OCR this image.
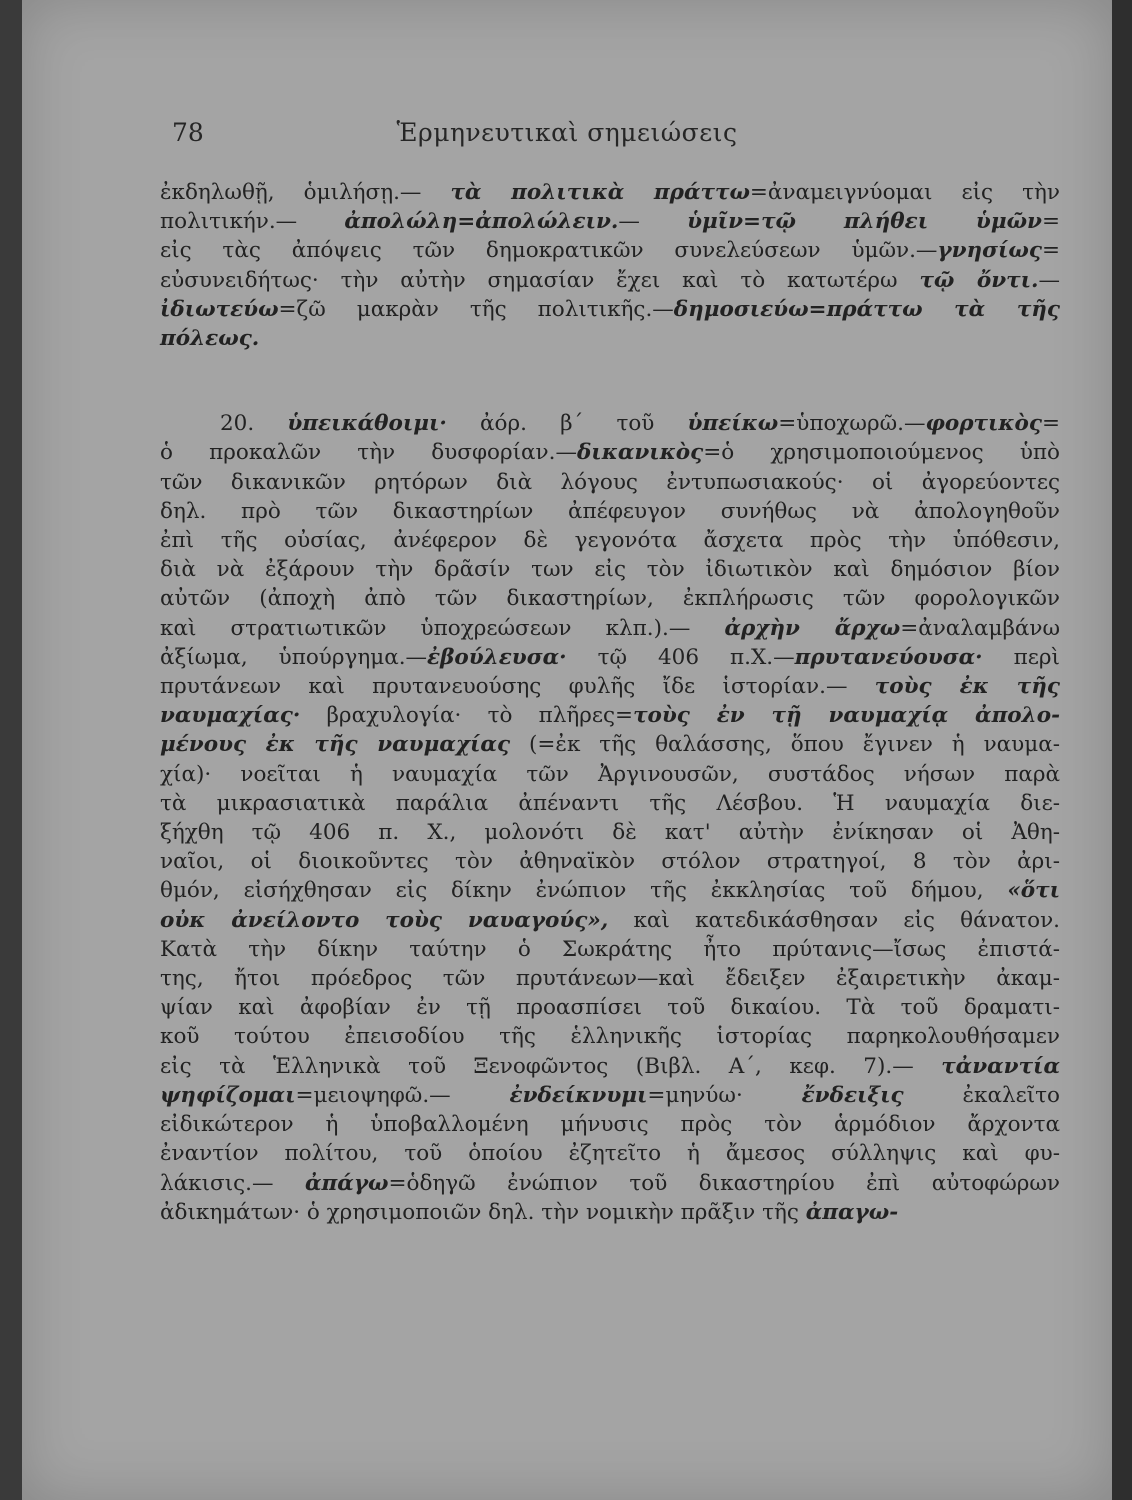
78	Ἑρμηνευτικαὶ σημειώσεις

ἐκδηλωθῇ, ὁμιλήσῃ.— τὰ πολιτικὰ πράττω=ἀναμειγνύομαι εἰς τὴν

πολιτικήν.— ἀπολώλη=ἀπολώλειν.— ὑμῖν=τῷ πλήθει ὑμῶν=

εἰς τὰς ἀπόψεις τῶν δημοκρατικῶν συνελεύσεων ὑμῶν.—γνησίως=

εὐσυνειδήτως· τὴν αὐτὴν σημασίαν ἔχει καὶ τὸ κατωτέρω τῷ ὄντι.—

ἰδιωτεύω=ζῶ μακρὰν τῆς πολιτικῆς.—δημοσιεύω=πράττω τὰ τῆς

πόλεως.

20. ὑπεικάθοιμι· ἀόρ. β΄ τοῦ ὑπείκω=ὑποχωρῶ.—φορτικὸς=

ὁ προκαλῶν τὴν δυσφορίαν.—δικανικὸς=ὁ χρησιμοποιούμενος ὑπὸ

τῶν δικανικῶν ρητόρων διὰ λόγους ἐντυπωσιακούς· οἱ ἀγορεύοντες

δηλ. πρὸ τῶν δικαστηρίων ἀπέφευγον συνήθως νὰ ἀπολογηθοῦν

ἐπὶ τῆς οὐσίας, ἀνέφερον δὲ γεγονότα ἄσχετα πρὸς τὴν ὑπόθεσιν,

διὰ νὰ ἐξάρουν τὴν δρᾶσίν των εἰς τὸν ἰδιωτικὸν καὶ δημόσιον βίον

αὐτῶν (ἀποχὴ ἀπὸ τῶν δικαστηρίων, ἐκπλήρωσις τῶν φορολογικῶν

καὶ στρατιωτικῶν ὑποχρεώσεων κλπ.).— ἀρχὴν ἄρχω=ἀναλαμβάνω

ἀξίωμα, ὑπούργημα.—ἐβούλευσα· τῷ 406 π.Χ.—πρυτανεύουσα· περὶ

πρυτάνεων καὶ πρυτανευούσης φυλῆς ἴδε ἱστορίαν.— τοὺς ἐκ τῆς

ναυμαχίας· βραχυλογία· τὸ πλῆρες=τοὺς ἐν τῇ ναυμαχίᾳ ἀπολο-

μένους ἐκ τῆς ναυμαχίας (=ἐκ τῆς θαλάσσης, ὅπου ἔγινεν ἡ ναυμα-

χία)· νοεῖται ἡ ναυμαχία τῶν Ἀργινουσῶν, συστάδος νήσων παρὰ

τὰ μικρασιατικὰ παράλια ἀπέναντι τῆς Λέσβου. Ἡ ναυμαχία διε-

ξήχθη τῷ 406 π. Χ., μολονότι δὲ κατ' αὐτὴν ἐνίκησαν οἱ Ἀθη-

ναῖοι, οἱ διοικοῦντες τὸν ἀθηναϊκὸν στόλον στρατηγοί, 8 τὸν ἀρι-

θμόν, εἰσήχθησαν εἰς δίκην ἐνώπιον τῆς ἐκκλησίας τοῦ δήμου, «ὅτι

οὐκ ἀνείλοντο τοὺς ναυαγούς», καὶ κατεδικάσθησαν εἰς θάνατον.

Κατὰ τὴν δίκην ταύτην ὁ Σωκράτης ἦτο πρύτανις—ἴσως ἐπιστά-

της, ἤτοι πρόεδρος τῶν πρυτάνεων—καὶ ἔδειξεν ἐξαιρετικὴν ἀκαμ-

ψίαν καὶ ἀφοβίαν ἐν τῇ προασπίσει τοῦ δικαίου. Τὰ τοῦ δραματι-

κοῦ τούτου ἐπεισοδίου τῆς ἑλληνικῆς ἱστορίας παρηκολουθήσαμεν

εἰς τὰ Ἑλληνικὰ τοῦ Ξενοφῶντος (Βιβλ. Α΄, κεφ. 7).— τἀναντία

ψηφίζομαι=μειοψηφῶ.— ἐνδείκνυμι=μηνύω· ἔνδειξις ἐκαλεῖτο

εἰδικώτερον ἡ ὑποβαλλομένη μήνυσις πρὸς τὸν ἁρμόδιον ἄρχοντα

ἐναντίον πολίτου, τοῦ ὁποίου ἐζητεῖτο ἡ ἄμεσος σύλληψις καὶ φυ-

λάκισις.— ἀπάγω=ὁδηγῶ ἐνώπιον τοῦ δικαστηρίου ἐπὶ αὐτοφώρων

ἀδικημάτων· ὁ χρησιμοποιῶν δηλ. τὴν νομικὴν πρᾶξιν τῆς ἀπαγω-
